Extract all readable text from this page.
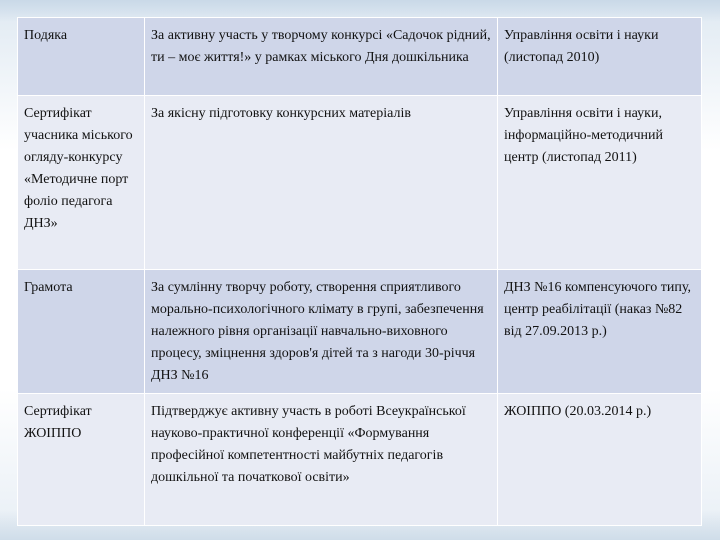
Подяка	За активну участь у творчому конкурсі «Садочок рідний, ти – моє життя!» у рамках міського Дня дошкільника	Управління освіти і науки (листопад 2010)

Сертифікат учасника міського огляду-конкурсу «Методичне порт фоліо педагога ДНЗ»	За якісну підготовку конкурсних матеріалів	Управління освіти і науки, інформаційно-методичний центр (листопад 2011)

Грамота	За сумлінну творчу роботу, створення сприятливого морально-психологічного клімату в групі, забезпечення належного рівня організації навчально-виховного процесу, зміцнення здоров'я дітей та з нагоди 30-річчя ДНЗ №16	ДНЗ №16 компенсуючого типу, центр реабілітації (наказ №82 від 27.09.2013 р.)

Сертифікат ЖОІППО	Підтверджує активну участь в роботі Всеукраїнської науково-практичної конференції «Формування професійної компетентності майбутніх педагогів дошкільної та початкової освіти»	ЖОІППО (20.03.2014 р.)
